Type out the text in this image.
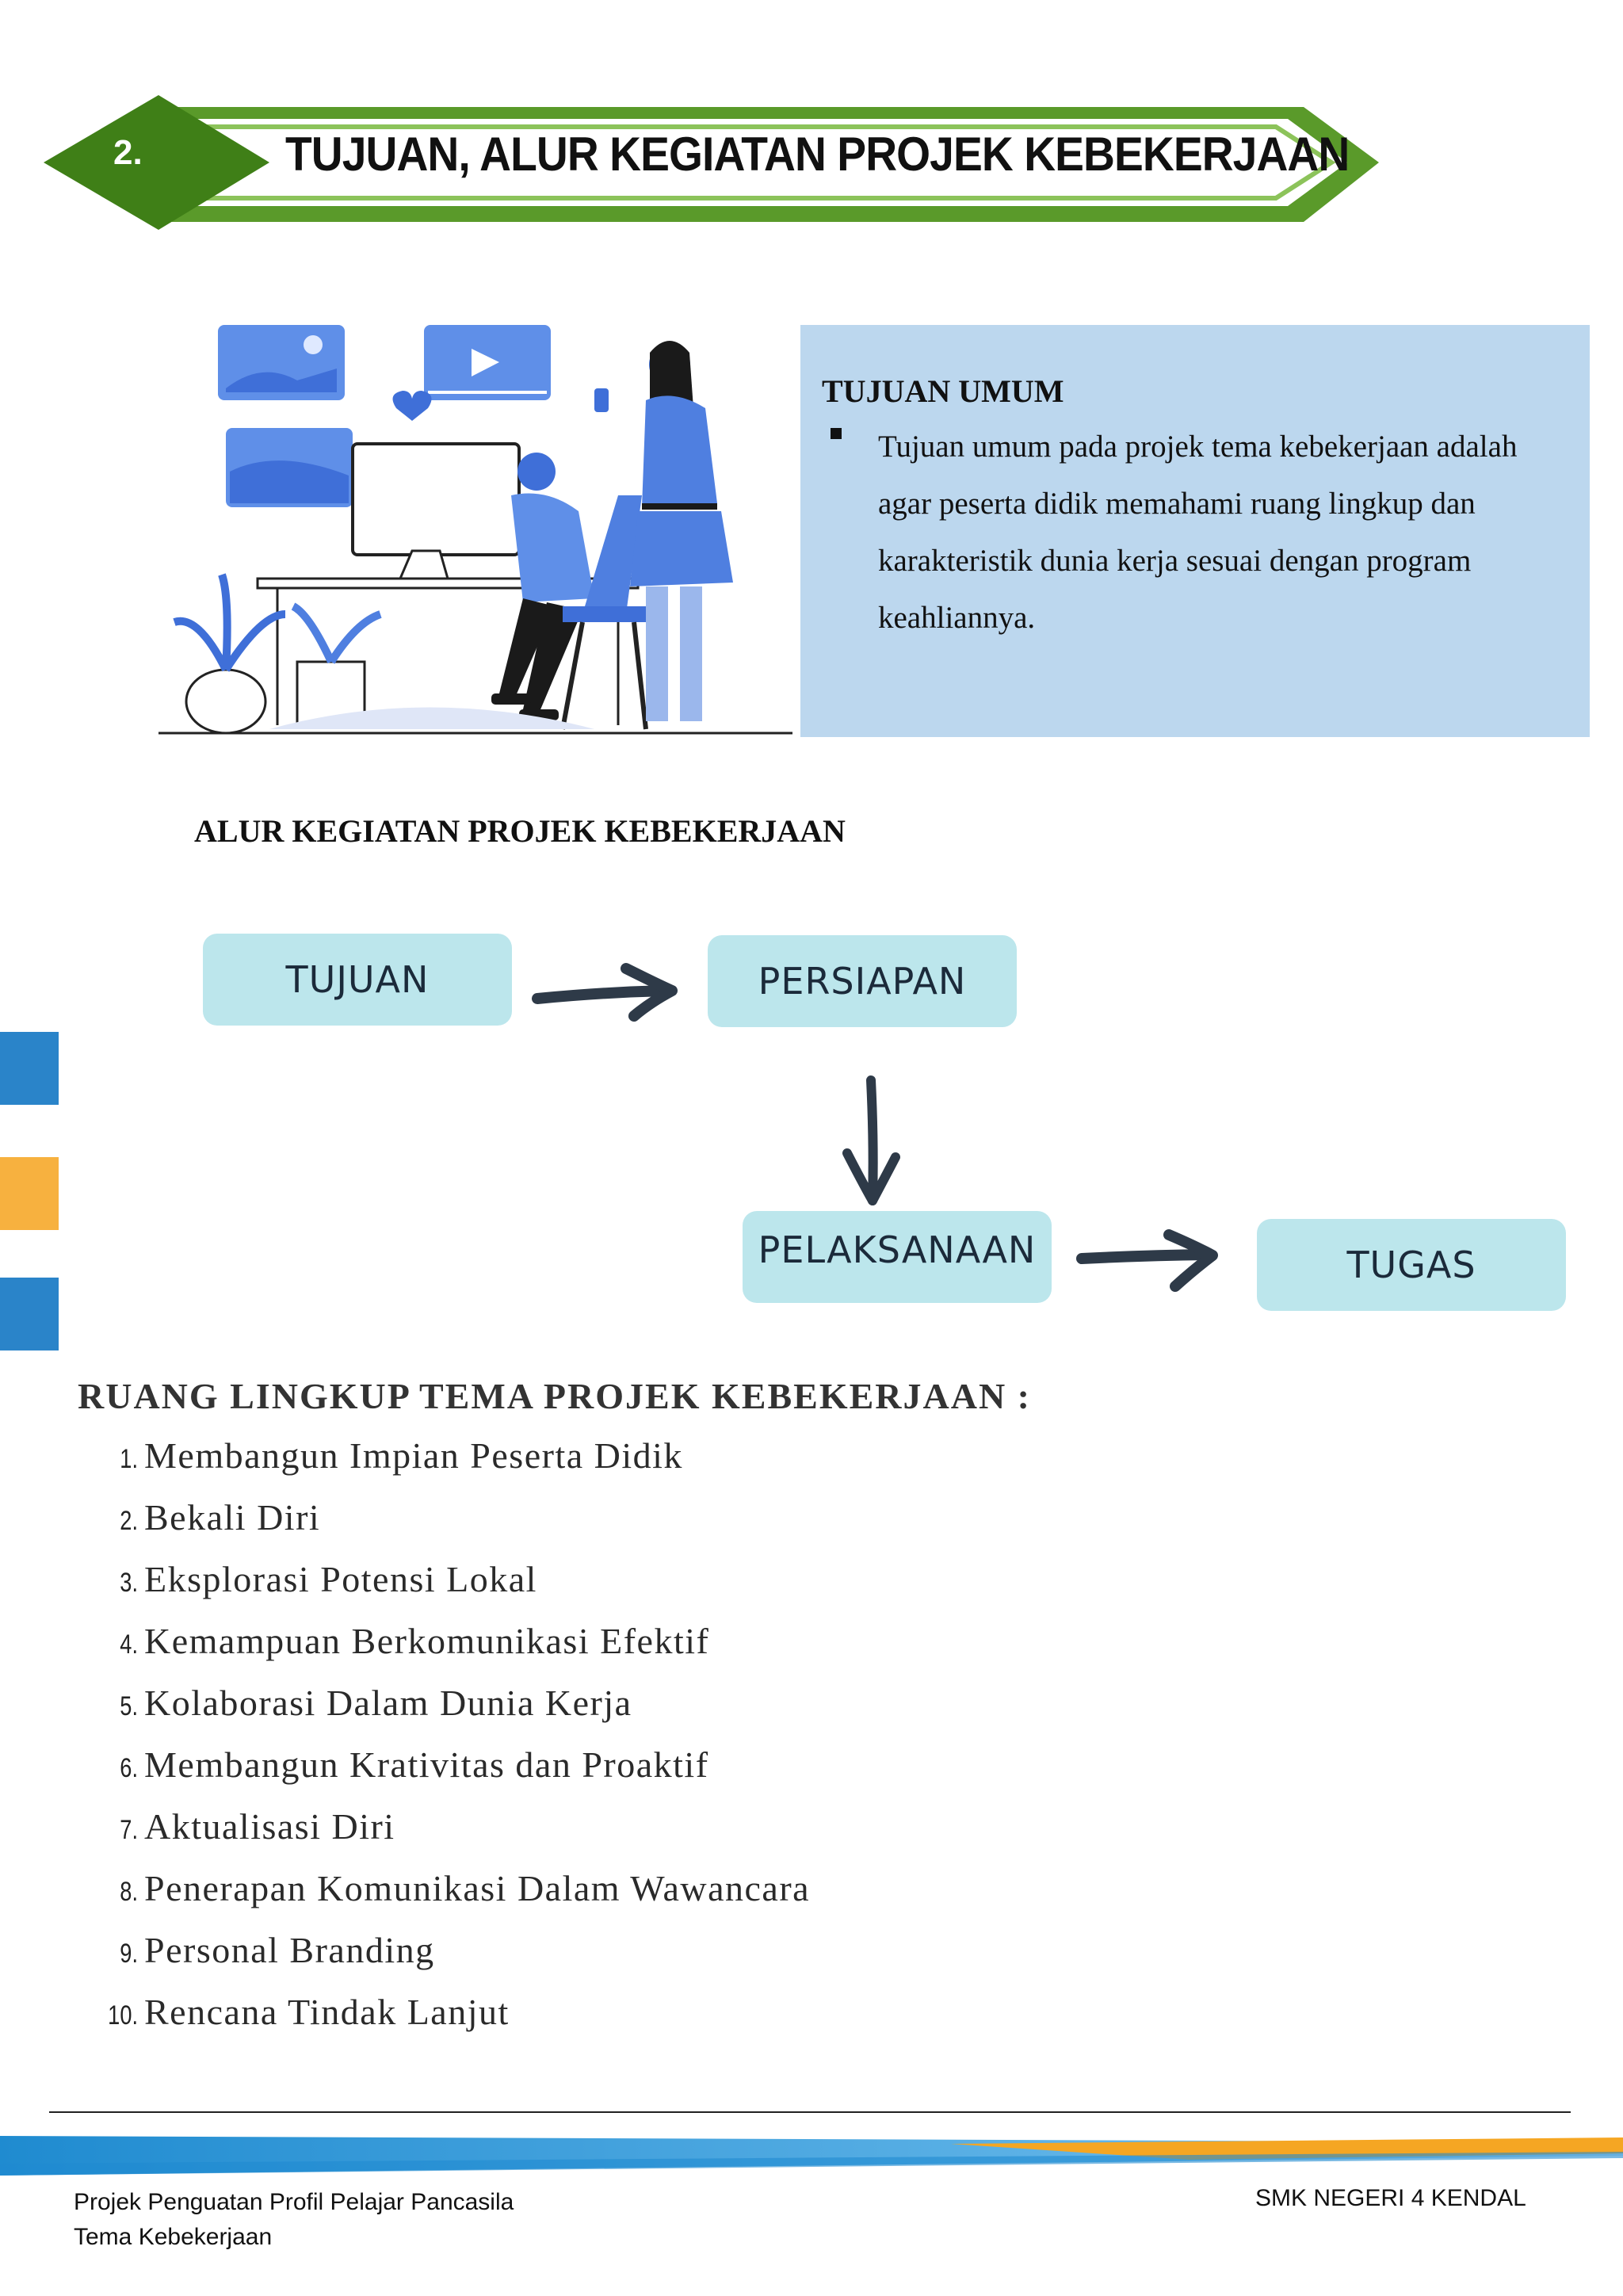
2.	TUJUAN, ALUR KEGIATAN PROJEK KEBEKERJAAN
TUJUAN UMUM
Tujuan umum pada projek tema kebekerjaan adalah agar peserta didik memahami ruang lingkup dan karakteristik dunia kerja sesuai dengan program keahliannya.
ALUR KEGIATAN PROJEK KEBEKERJAAN
TUJUAN	PERSIAPAN
PELAKSANAAN	TUGAS
RUANG LINGKUP TEMA PROJEK KEBEKERJAAN :
1. Membangun Impian Peserta Didik
2. Bekali Diri
3. Eksplorasi Potensi Lokal
4. Kemampuan Berkomunikasi Efektif
5. Kolaborasi Dalam Dunia Kerja
6. Membangun Krativitas dan Proaktif
7. Aktualisasi Diri
8. Penerapan Komunikasi Dalam Wawancara
9. Personal Branding
10. Rencana Tindak Lanjut
Projek Penguatan Profil Pelajar Pancasila
Tema Kebekerjaan
SMK NEGERI 4 KENDAL
